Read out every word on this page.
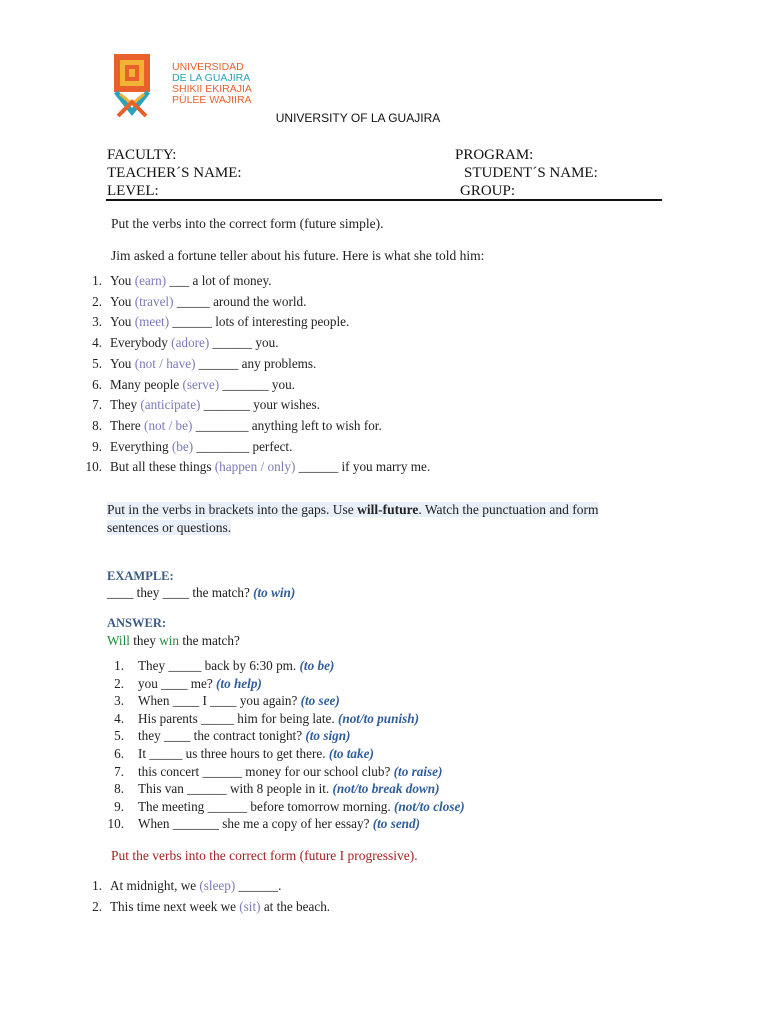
UNIVERSIDAD
DE LA GUAJIRA
SHIKII EKIRAJIA
PÜLEE WAJIIRA
UNIVERSITY OF LA GUAJIRA
FACULTY:
TEACHER´S NAME:
LEVEL:
PROGRAM:
STUDENT´S NAME:
GROUP:
Put the verbs into the correct form (future simple).
Jim asked a fortune teller about his future. Here is what she told him:
1. You (earn) ___ a lot of money.
2. You (travel) _____ around the world.
3. You (meet) ______ lots of interesting people.
4. Everybody (adore) ______ you.
5. You (not / have) ______ any problems.
6. Many people (serve) _______ you.
7. They (anticipate) _______ your wishes.
8. There (not / be) ________ anything left to wish for.
9. Everything (be) ________ perfect.
10. But all these things (happen / only) ______ if you marry me.
Put in the verbs in brackets into the gaps. Use will-future. Watch the punctuation and form
sentences or questions.
EXAMPLE:
____ they ____ the match? (to win)
ANSWER:
Will they win the match?
1. They _____ back by 6:30 pm. (to be)
2. you ____ me? (to help)
3. When ____ I ____ you again? (to see)
4. His parents _____ him for being late. (not/to punish)
5. they ____ the contract tonight? (to sign)
6. It _____ us three hours to get there. (to take)
7. this concert ______ money for our school club? (to raise)
8. This van ______ with 8 people in it. (not/to break down)
9. The meeting ______ before tomorrow morning. (not/to close)
10. When _______ she me a copy of her essay? (to send)
Put the verbs into the correct form (future I progressive).
1. At midnight, we (sleep) ______.
2. This time next week we (sit) at the beach.
